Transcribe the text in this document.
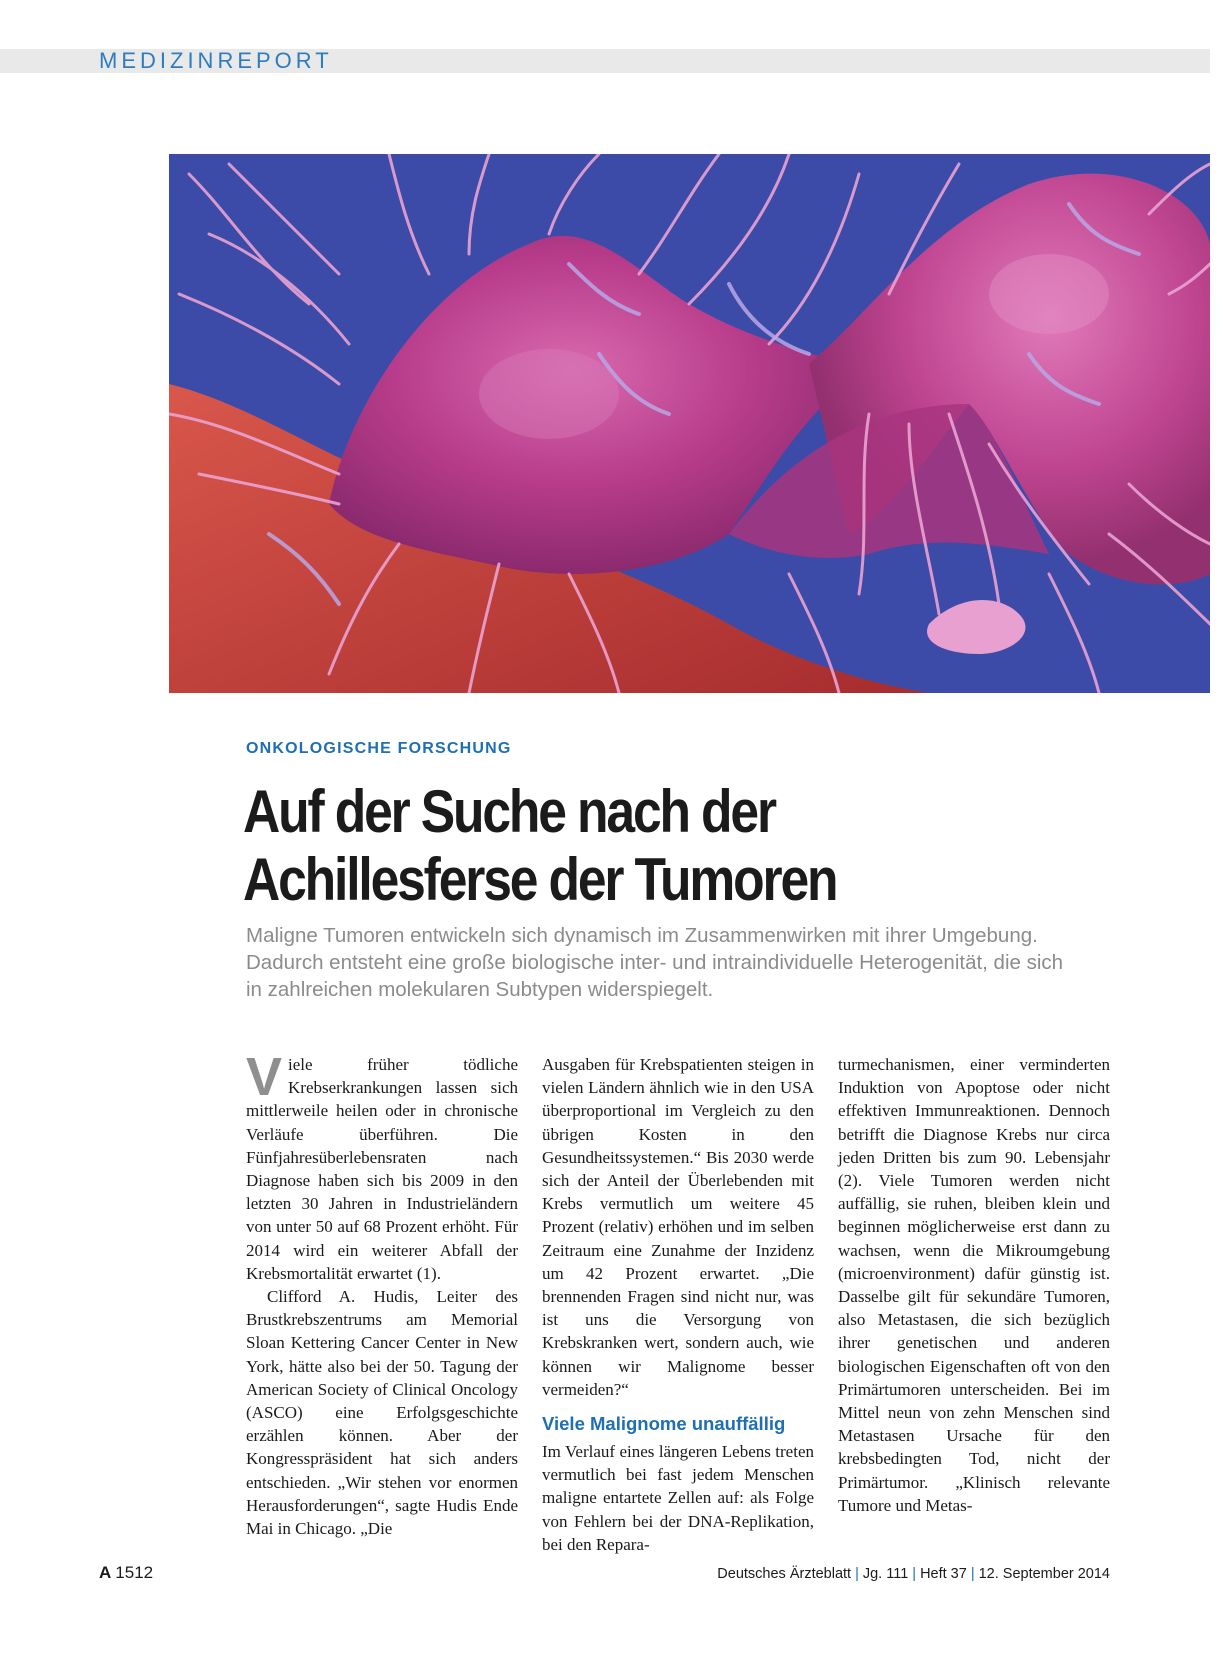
MEDIZINREPORT
ONKOLOGISCHE FORSCHUNG
Auf der Suche nach der
Achillesferse der Tumoren

Maligne Tumoren entwickeln sich dynamisch im Zusammenwirken mit ihrer Umgebung. Dadurch entsteht eine große biologische inter- und intraindividuelle Heterogenität, die sich in zahlreichen molekularen Subtypen widerspiegelt.

Viele früher tödliche Krebserkrankungen lassen sich mittlerweile heilen oder in chronische Verläufe überführen. Die Fünfjahresüberlebensraten nach Diagnose haben sich bis 2009 in den letzten 30 Jahren in Industrieländern von unter 50 auf 68 Prozent erhöht. Für 2014 wird ein weiterer Abfall der Krebsmortalität erwartet (1).

Clifford A. Hudis, Leiter des Brustkrebszentrums am Memorial Sloan Kettering Cancer Center in New York, hätte also bei der 50. Tagung der American Society of Clinical Oncology (ASCO) eine Erfolgsgeschichte erzählen können. Aber der Kongresspräsident hat sich anders entschieden. „Wir stehen vor enormen Herausforderungen“, sagte Hudis Ende Mai in Chicago. „Die

Ausgaben für Krebspatienten steigen in vielen Ländern ähnlich wie in den USA überproportional im Vergleich zu den übrigen Kosten in den Gesundheitssystemen.“ Bis 2030 werde sich der Anteil der Überlebenden mit Krebs vermutlich um weitere 45 Prozent (relativ) erhöhen und im selben Zeitraum eine Zunahme der Inzidenz um 42 Prozent erwartet. „Die brennenden Fragen sind nicht nur, was ist uns die Versorgung von Krebskranken wert, sondern auch, wie können wir Malignome besser vermeiden?“

Viele Malignome unauffällig

Im Verlauf eines längeren Lebens treten vermutlich bei fast jedem Menschen maligne entartete Zellen auf: als Folge von Fehlern bei der DNA-Replikation, bei den Repara-

turmechanismen, einer verminderten Induktion von Apoptose oder nicht effektiven Immunreaktionen. Dennoch betrifft die Diagnose Krebs nur circa jeden Dritten bis zum 90. Lebensjahr (2). Viele Tumoren werden nicht auffällig, sie ruhen, bleiben klein und beginnen möglicherweise erst dann zu wachsen, wenn die Mikroumgebung (microenvironment) dafür günstig ist. Dasselbe gilt für sekundäre Tumoren, also Metastasen, die sich bezüglich ihrer genetischen und anderen biologischen Eigenschaften oft von den Primärtumoren unterscheiden. Bei im Mittel neun von zehn Menschen sind Metastasen Ursache für den krebsbedingten Tod, nicht der Primärtumor. „Klinisch relevante Tumore und Metas-

A 1512	Deutsches Ärzteblatt | Jg. 111 | Heft 37 | 12. September 2014
